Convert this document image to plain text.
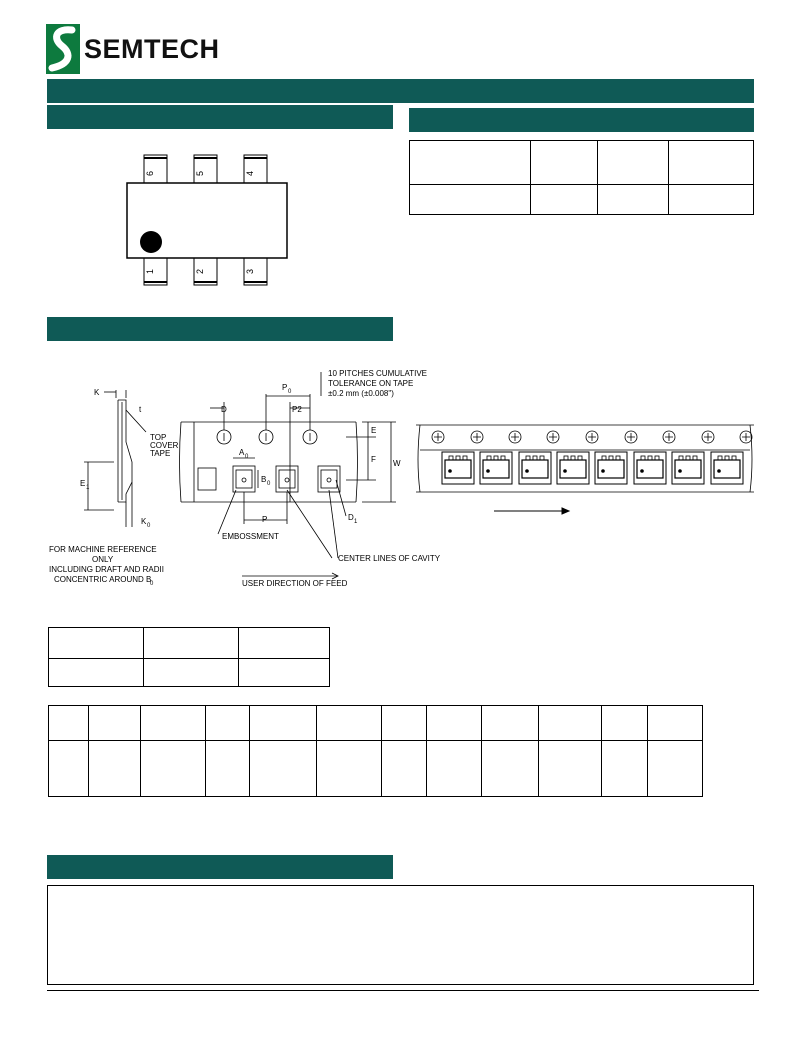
SEMTECH
6	5	4
1	2	3

K
t
TOP
COVER
TAPE
E 1
K 0
FOR MACHINE REFERENCE
ONLY
INCLUDING DRAFT AND RADII
CONCENTRIC AROUND B
0
D
P 0
P2
10 PITCHES CUMULATIVE
TOLERANCE ON TAPE
±0.2 mm (±0.008")
A 0
B 0
E
F W
P	D 1
EMBOSSMENT
CENTER LINES OF CAVITY
USER DIRECTION OF FEED
